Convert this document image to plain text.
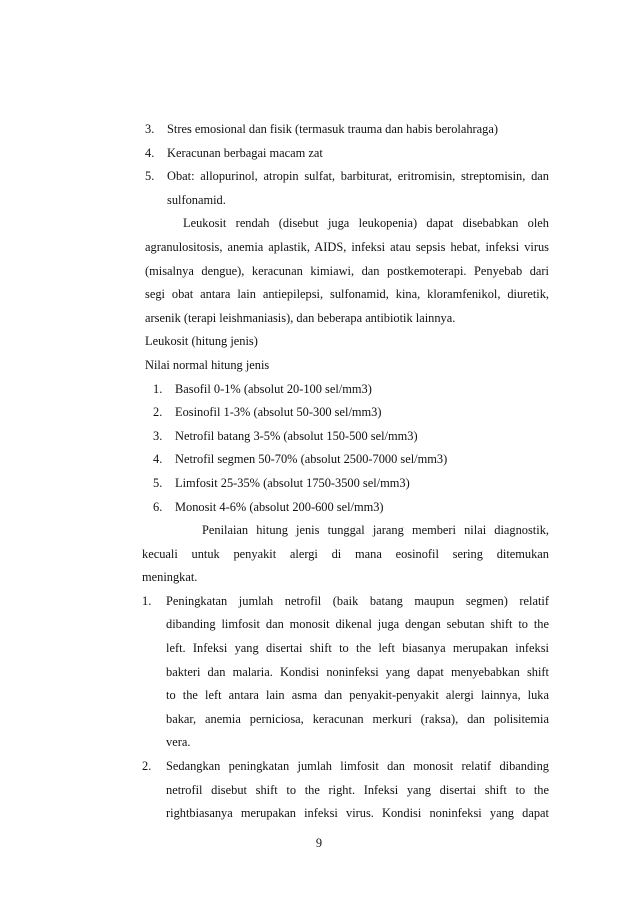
3.	Stres emosional dan fisik (termasuk trauma dan habis berolahraga)
4.	Keracunan berbagai macam zat
5.	Obat: allopurinol, atropin sulfat, barbiturat, eritromisin, streptomisin, dan
sulfonamid.
Leukosit rendah (disebut juga leukopenia) dapat disebabkan oleh
agranulositosis, anemia aplastik, AIDS, infeksi atau sepsis hebat, infeksi virus
(misalnya dengue), keracunan kimiawi, dan postkemoterapi. Penyebab dari
segi obat antara lain antiepilepsi, sulfonamid, kina, kloramfenikol, diuretik,
arsenik (terapi leishmaniasis), dan beberapa antibiotik lainnya.
Leukosit (hitung jenis)
Nilai normal hitung jenis
1.	Basofil 0-1% (absolut 20-100 sel/mm3)
2.	Eosinofil 1-3% (absolut 50-300 sel/mm3)
3.	Netrofil batang 3-5% (absolut 150-500 sel/mm3)
4.	Netrofil segmen 50-70% (absolut 2500-7000 sel/mm3)
5.	Limfosit 25-35% (absolut 1750-3500 sel/mm3)
6.	Monosit 4-6% (absolut 200-600 sel/mm3)
Penilaian hitung jenis tunggal jarang memberi nilai diagnostik,
kecuali untuk penyakit alergi di mana eosinofil sering ditemukan
meningkat.
1.	Peningkatan jumlah netrofil (baik batang maupun segmen) relatif
dibanding limfosit dan monosit dikenal juga dengan sebutan shift to the
left. Infeksi yang disertai shift to the left biasanya merupakan infeksi
bakteri dan malaria. Kondisi noninfeksi yang dapat menyebabkan shift
to the left antara lain asma dan penyakit-penyakit alergi lainnya, luka
bakar, anemia perniciosa, keracunan merkuri (raksa), dan polisitemia
vera.
2.	Sedangkan peningkatan jumlah limfosit dan monosit relatif dibanding
netrofil disebut shift to the right. Infeksi yang disertai shift to the
rightbiasanya merupakan infeksi virus. Kondisi noninfeksi yang dapat
9
